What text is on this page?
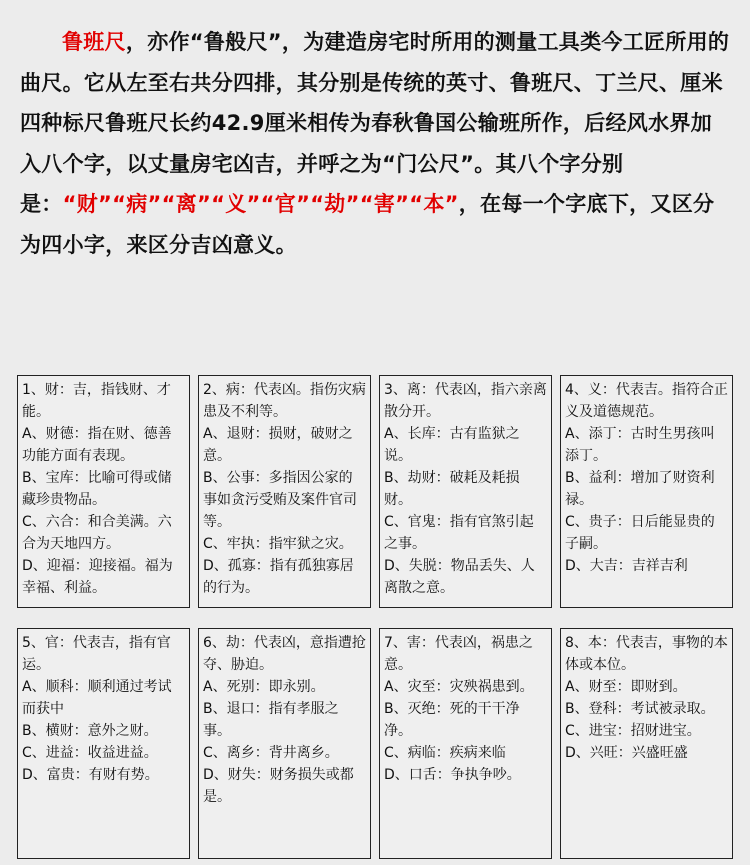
鲁班尺，亦作“鲁般尺”，为建造房宅时所用的测量工具类今工匠所用的曲尺。它从左至右共分四排，其分别是传统的英寸、鲁班尺、丁兰尺、厘米四种标尺鲁班尺长约42.9厘米相传为春秋鲁国公输班所作，后经风水界加入八个字，以丈量房宅凶吉，并呼之为“门公尺”。其八个字分别是：“财”“病”“离”“义”“官”“劫”“害”“本”，在每一个字底下，又区分为四小字，来区分吉凶意义。

1、财：吉，指钱财、才能。

A、财德：指在财、德善功能方面有表现。

B、宝库：比喻可得或储藏珍贵物品。

C、六合：和合美满。六合为天地四方。

D、迎福：迎接福。福为幸福、利益。

2、病：代表凶。指伤灾病患及不利等。

A、退财：损财，破财之意。

B、公事：多指因公家的事如贪污受贿及案件官司等。

C、牢执：指牢狱之灾。

D、孤寡：指有孤独寡居的行为。

3、离：代表凶，指六亲离散分开。

A、长库：古有监狱之说。

B、劫财：破耗及耗损财。

C、官鬼：指有官煞引起之事。

D、失脱：物品丢失、人离散之意。

4、义：代表吉。指符合正义及道德规范。

A、添丁：古时生男孩叫添丁。

B、益利：增加了财资利禄。

C、贵子：日后能显贵的子嗣。

D、大吉：吉祥吉利

5、官：代表吉，指有官运。

A、顺科：顺利通过考试而获中

B、横财：意外之财。

C、进益：收益进益。

D、富贵：有财有势。

6、劫：代表凶，意指遭抢夺、胁迫。

A、死别：即永别。

B、退口：指有孝服之事。

C、离乡：背井离乡。

D、财失：财务损失或都是。

7、害：代表凶，祸患之意。

A、灾至：灾殃祸患到。

B、灭绝：死的干干净净。

C、病临：疾病来临

D、口舌：争执争吵。

8、本：代表吉，事物的本体或本位。

A、财至：即财到。

B、登科：考试被录取。

C、进宝：招财进宝。

D、兴旺：兴盛旺盛
